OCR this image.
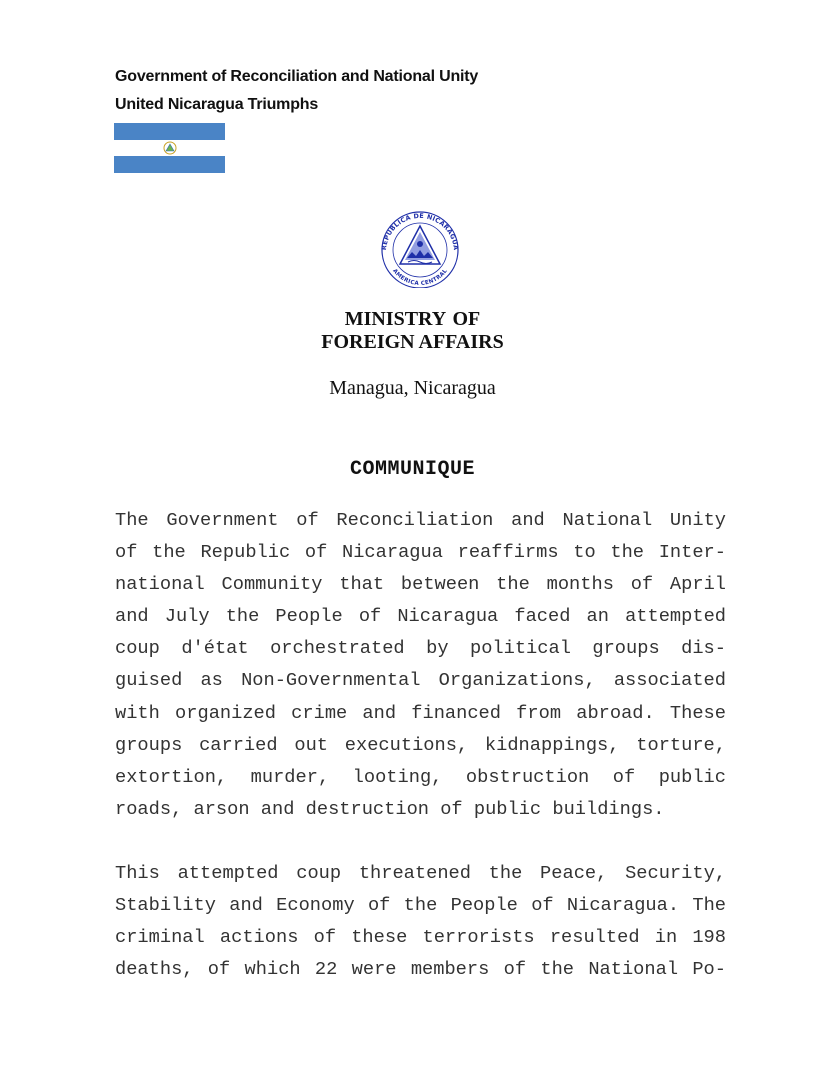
Government of Reconciliation and National Unity
United Nicaragua Triumphs
REPUBLICA DE NICARAGUA
AMERICA CENTRAL
MINISTRY OF
FOREIGN AFFAIRS
Managua, Nicaragua
COMMUNIQUE
The Government of Reconciliation and National Unity
of the Republic of Nicaragua reaffirms to the Inter-
national Community that between the months of April
and July the People of Nicaragua faced an attempted
coup d'état orchestrated by political groups dis-
guised as Non-Governmental Organizations, associated
with organized crime and financed from abroad. These
groups carried out executions, kidnappings, torture,
extortion, murder, looting, obstruction of public
roads, arson and destruction of public buildings.
This attempted coup threatened the Peace, Security,
Stability and Economy of the People of Nicaragua. The
criminal actions of these terrorists resulted in 198
deaths, of which 22 were members of the National Po-
